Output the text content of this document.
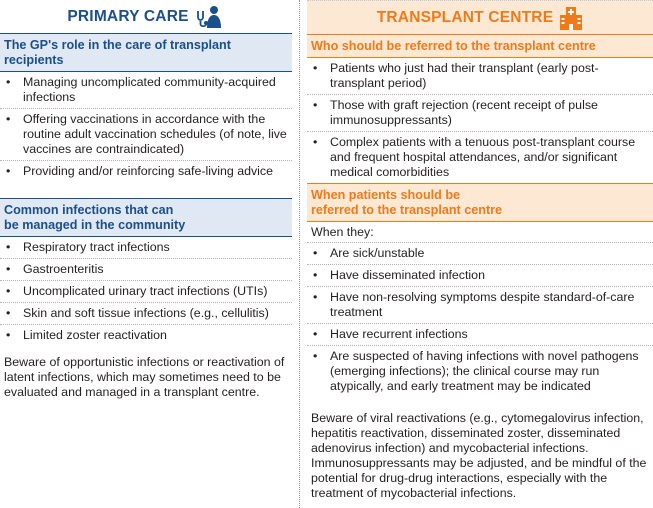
PRIMARY CARE
The GP's role in the care of transplant recipients
• Managing uncomplicated community-acquired infections
• Offering vaccinations in accordance with the routine adult vaccination schedules (of note, live vaccines are contraindicated)
• Providing and/or reinforcing safe-living advice
Common infections that can
be managed in the community
• Respiratory tract infections
• Gastroenteritis
• Uncomplicated urinary tract infections (UTIs)
• Skin and soft tissue infections (e.g., cellulitis)
• Limited zoster reactivation
Beware of opportunistic infections or reactivation of latent infections, which may sometimes need to be evaluated and managed in a transplant centre.
TRANSPLANT CENTRE
Who should be referred to the transplant centre
• Patients who just had their transplant (early post-transplant period)
• Those with graft rejection (recent receipt of pulse immunosuppressants)
• Complex patients with a tenuous post-transplant course and frequent hospital attendances, and/or significant medical comorbidities
When patients should be
referred to the transplant centre
When they:
• Are sick/unstable
• Have disseminated infection
• Have non-resolving symptoms despite standard-of-care treatment
• Have recurrent infections
• Are suspected of having infections with novel pathogens (emerging infections); the clinical course may run atypically, and early treatment may be indicated
Beware of viral reactivations (e.g., cytomegalovirus infection, hepatitis reactivation, disseminated zoster, disseminated adenovirus infection) and mycobacterial infections. Immunosuppressants may be adjusted, and be mindful of the potential for drug-drug interactions, especially with the treatment of mycobacterial infections.
